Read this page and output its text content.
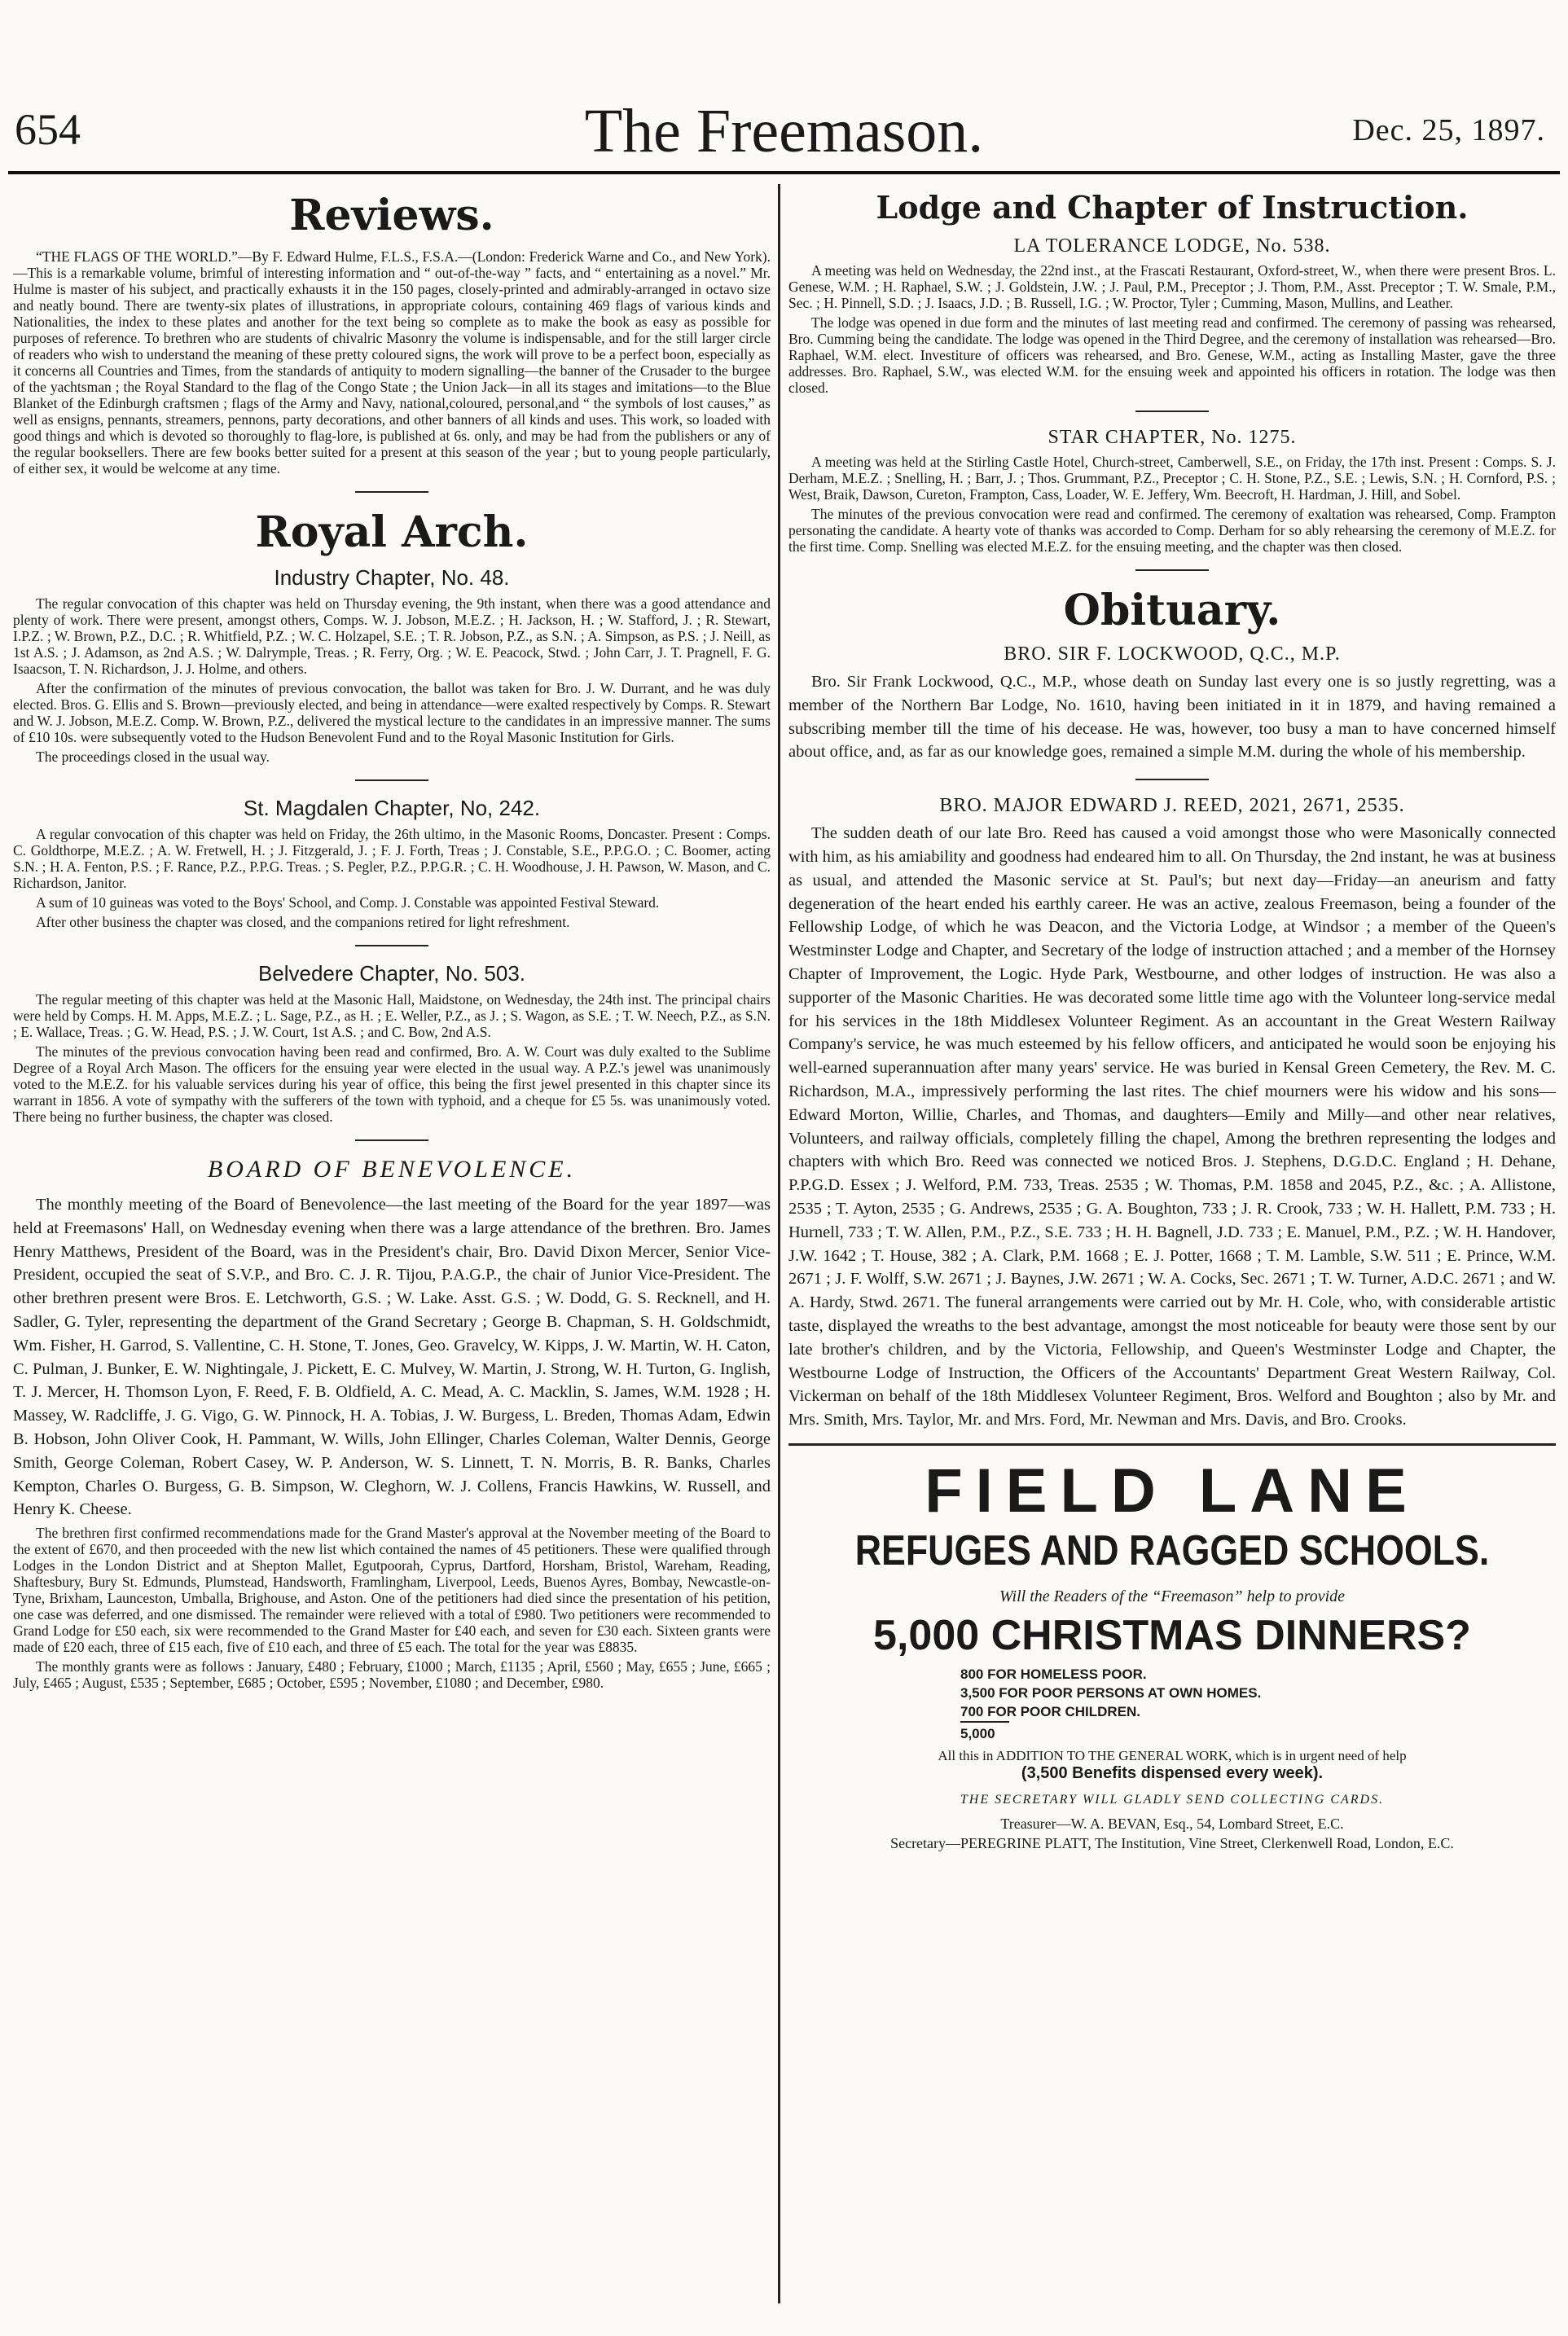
654	The Freemason.	Dec. 25, 1897.
Reviews.

“THE FLAGS OF THE WORLD.”—By F. Edward Hulme, F.L.S., F.S.A.—(London: Frederick Warne and Co., and New York).—This is a remarkable volume, brimful of interesting information and “ out-of-the-way ” facts, and “ entertaining as a novel.” Mr. Hulme is master of his subject, and practically exhausts it in the 150 pages, closely-printed and admirably-arranged in octavo size and neatly bound. There are twenty-six plates of illustrations, in appropriate colours, containing 469 flags of various kinds and Nationalities, the index to these plates and another for the text being so complete as to make the book as easy as possible for purposes of reference. To brethren who are students of chivalric Masonry the volume is indispensable, and for the still larger circle of readers who wish to understand the meaning of these pretty coloured signs, the work will prove to be a perfect boon, especially as it concerns all Countries and Times, from the standards of antiquity to modern signalling—the banner of the Crusader to the burgee of the yachtsman ; the Royal Standard to the flag of the Congo State ; the Union Jack—in all its stages and imitations—to the Blue Blanket of the Edinburgh craftsmen ; flags of the Army and Navy, national,coloured, personal,and “ the symbols of lost causes,” as well as ensigns, pennants, streamers, pennons, party decorations, and other banners of all kinds and uses. This work, so loaded with good things and which is devoted so thoroughly to flag-lore, is published at 6s. only, and may be had from the publishers or any of the regular booksellers. There are few books better suited for a present at this season of the year ; but to young people particularly, of either sex, it would be welcome at any time.

Royal Arch.
Industry Chapter, No. 48.

The regular convocation of this chapter was held on Thursday evening, the 9th instant, when there was a good attendance and plenty of work. There were present, amongst others, Comps. W. J. Jobson, M.E.Z. ; H. Jackson, H. ; W. Stafford, J. ; R. Stewart, I.P.Z. ; W. Brown, P.Z., D.C. ; R. Whitfield, P.Z. ; W. C. Holzapel, S.E. ; T. R. Jobson, P.Z., as S.N. ; A. Simpson, as P.S. ; J. Neill, as 1st A.S. ; J. Adamson, as 2nd A.S. ; W. Dalrymple, Treas. ; R. Ferry, Org. ; W. E. Peacock, Stwd. ; John Carr, J. T. Pragnell, F. G. Isaacson, T. N. Richardson, J. J. Holme, and others.

After the confirmation of the minutes of previous convocation, the ballot was taken for Bro. J. W. Durrant, and he was duly elected. Bros. G. Ellis and S. Brown—previously elected, and being in attendance—were exalted respectively by Comps. R. Stewart and W. J. Jobson, M.E.Z. Comp. W. Brown, P.Z., delivered the mystical lecture to the candidates in an impressive manner. The sums of £10 10s. were subsequently voted to the Hudson Benevolent Fund and to the Royal Masonic Institution for Girls.

The proceedings closed in the usual way.

St. Magdalen Chapter, No, 242.

A regular convocation of this chapter was held on Friday, the 26th ultimo, in the Masonic Rooms, Doncaster. Present : Comps. C. Goldthorpe, M.E.Z. ; A. W. Fretwell, H. ; J. Fitzgerald, J. ; F. J. Forth, Treas ; J. Constable, S.E., P.P.G.O. ; C. Boomer, acting S.N. ; H. A. Fenton, P.S. ; F. Rance, P.Z., P.P.G. Treas. ; S. Pegler, P.Z., P.P.G.R. ; C. H. Woodhouse, J. H. Pawson, W. Mason, and C. Richardson, Janitor.

A sum of 10 guineas was voted to the Boys' School, and Comp. J. Constable was appointed Festival Steward.

After other business the chapter was closed, and the companions retired for light refreshment.

Belvedere Chapter, No. 503.

The regular meeting of this chapter was held at the Masonic Hall, Maidstone, on Wednesday, the 24th inst. The principal chairs were held by Comps. H. M. Apps, M.E.Z. ; L. Sage, P.Z., as H. ; E. Weller, P.Z., as J. ; S. Wagon, as S.E. ; T. W. Neech, P.Z., as S.N. ; E. Wallace, Treas. ; G. W. Head, P.S. ; J. W. Court, 1st A.S. ; and C. Bow, 2nd A.S.

The minutes of the previous convocation having been read and confirmed, Bro. A. W. Court was duly exalted to the Sublime Degree of a Royal Arch Mason. The officers for the ensuing year were elected in the usual way. A P.Z.'s jewel was unanimously voted to the M.E.Z. for his valuable services during his year of office, this being the first jewel presented in this chapter since its warrant in 1856. A vote of sympathy with the sufferers of the town with typhoid, and a cheque for £5 5s. was unanimously voted. There being no further business, the chapter was closed.

BOARD OF BENEVOLENCE.

The monthly meeting of the Board of Benevolence—the last meeting of the Board for the year 1897—was held at Freemasons' Hall, on Wednesday evening when there was a large attendance of the brethren. Bro. James Henry Matthews, President of the Board, was in the President's chair, Bro. David Dixon Mercer, Senior Vice-President, occupied the seat of S.V.P., and Bro. C. J. R. Tijou, P.A.G.P., the chair of Junior Vice-President. The other brethren present were Bros. E. Letchworth, G.S. ; W. Lake. Asst. G.S. ; W. Dodd, G. S. Recknell, and H. Sadler, G. Tyler, representing the department of the Grand Secretary ; George B. Chapman, S. H. Goldschmidt, Wm. Fisher, H. Garrod, S. Vallentine, C. H. Stone, T. Jones, Geo. Gravelcy, W. Kipps, J. W. Martin, W. H. Caton, C. Pulman, J. Bunker, E. W. Nightingale, J. Pickett, E. C. Mulvey, W. Martin, J. Strong, W. H. Turton, G. Inglish, T. J. Mercer, H. Thomson Lyon, F. Reed, F. B. Oldfield, A. C. Mead, A. C. Macklin, S. James, W.M. 1928 ; H. Massey, W. Radcliffe, J. G. Vigo, G. W. Pinnock, H. A. Tobias, J. W. Burgess, L. Breden, Thomas Adam, Edwin B. Hobson, John Oliver Cook, H. Pammant, W. Wills, John Ellinger, Charles Coleman, Walter Dennis, George Smith, George Coleman, Robert Casey, W. P. Anderson, W. S. Linnett, T. N. Morris, B. R. Banks, Charles Kempton, Charles O. Burgess, G. B. Simpson, W. Cleghorn, W. J. Collens, Francis Hawkins, W. Russell, and Henry K. Cheese.

The brethren first confirmed recommendations made for the Grand Master's approval at the November meeting of the Board to the extent of £670, and then proceeded with the new list which contained the names of 45 petitioners. These were qualified through Lodges in the London District and at Shepton Mallet, Egutpoorah, Cyprus, Dartford, Horsham, Bristol, Wareham, Reading, Shaftesbury, Bury St. Edmunds, Plumstead, Handsworth, Framlingham, Liverpool, Leeds, Buenos Ayres, Bombay, Newcastle-on-Tyne, Brixham, Launceston, Umballa, Brighouse, and Aston. One of the petitioners had died since the presentation of his petition, one case was deferred, and one dismissed. The remainder were relieved with a total of £980. Two petitioners were recommended to Grand Lodge for £50 each, six were recommended to the Grand Master for £40 each, and seven for £30 each. Sixteen grants were made of £20 each, three of £15 each, five of £10 each, and three of £5 each. The total for the year was £8835.

The monthly grants were as follows : January, £480 ; February, £1000 ; March, £1135 ; April, £560 ; May, £655 ; June, £665 ; July, £465 ; August, £535 ; September, £685 ; October, £595 ; November, £1080 ; and December, £980.

Lodge and Chapter of Instruction.
LA TOLERANCE LODGE, No. 538.

A meeting was held on Wednesday, the 22nd inst., at the Frascati Restaurant, Oxford-street, W., when there were present Bros. L. Genese, W.M. ; H. Raphael, S.W. ; J. Goldstein, J.W. ; J. Paul, P.M., Preceptor ; J. Thom, P.M., Asst. Preceptor ; T. W. Smale, P.M., Sec. ; H. Pinnell, S.D. ; J. Isaacs, J.D. ; B. Russell, I.G. ; W. Proctor, Tyler ; Cumming, Mason, Mullins, and Leather.

The lodge was opened in due form and the minutes of last meeting read and confirmed. The ceremony of passing was rehearsed, Bro. Cumming being the candidate. The lodge was opened in the Third Degree, and the ceremony of installation was rehearsed—Bro. Raphael, W.M. elect. Investiture of officers was rehearsed, and Bro. Genese, W.M., acting as Installing Master, gave the three addresses. Bro. Raphael, S.W., was elected W.M. for the ensuing week and appointed his officers in rotation. The lodge was then closed.

STAR CHAPTER, No. 1275.

A meeting was held at the Stirling Castle Hotel, Church-street, Camberwell, S.E., on Friday, the 17th inst. Present : Comps. S. J. Derham, M.E.Z. ; Snelling, H. ; Barr, J. ; Thos. Grummant, P.Z., Preceptor ; C. H. Stone, P.Z., S.E. ; Lewis, S.N. ; H. Cornford, P.S. ; West, Braik, Dawson, Cureton, Frampton, Cass, Loader, W. E. Jeffery, Wm. Beecroft, H. Hardman, J. Hill, and Sobel.

The minutes of the previous convocation were read and confirmed. The ceremony of exaltation was rehearsed, Comp. Frampton personating the candidate. A hearty vote of thanks was accorded to Comp. Derham for so ably rehearsing the ceremony of M.E.Z. for the first time. Comp. Snelling was elected M.E.Z. for the ensuing meeting, and the chapter was then closed.

Obituary.
BRO. SIR F. LOCKWOOD, Q.C., M.P.

Bro. Sir Frank Lockwood, Q.C., M.P., whose death on Sunday last every one is so justly regretting, was a member of the Northern Bar Lodge, No. 1610, having been initiated in it in 1879, and having remained a subscribing member till the time of his decease. He was, however, too busy a man to have concerned himself about office, and, as far as our knowledge goes, remained a simple M.M. during the whole of his membership.

BRO. MAJOR EDWARD J. REED, 2021, 2671, 2535.

The sudden death of our late Bro. Reed has caused a void amongst those who were Masonically connected with him, as his amiability and goodness had endeared him to all. On Thursday, the 2nd instant, he was at business as usual, and attended the Masonic service at St. Paul's; but next day—Friday—an aneurism and fatty degeneration of the heart ended his earthly career. He was an active, zealous Freemason, being a founder of the Fellowship Lodge, of which he was Deacon, and the Victoria Lodge, at Windsor ; a member of the Queen's Westminster Lodge and Chapter, and Secretary of the lodge of instruction attached ; and a member of the Hornsey Chapter of Improvement, the Logic. Hyde Park, Westbourne, and other lodges of instruction. He was also a supporter of the Masonic Charities. He was decorated some little time ago with the Volunteer long-service medal for his services in the 18th Middlesex Volunteer Regiment. As an accountant in the Great Western Railway Company's service, he was much esteemed by his fellow officers, and anticipated he would soon be enjoying his well-earned superannuation after many years' service. He was buried in Kensal Green Cemetery, the Rev. M. C. Richardson, M.A., impressively performing the last rites. The chief mourners were his widow and his sons—Edward Morton, Willie, Charles, and Thomas, and daughters—Emily and Milly—and other near relatives, Volunteers, and railway officials, completely filling the chapel, Among the brethren representing the lodges and chapters with which Bro. Reed was connected we noticed Bros. J. Stephens, D.G.D.C. England ; H. Dehane, P.P.G.D. Essex ; J. Welford, P.M. 733, Treas. 2535 ; W. Thomas, P.M. 1858 and 2045, P.Z., &c. ; A. Allistone, 2535 ; T. Ayton, 2535 ; G. Andrews, 2535 ; G. A. Boughton, 733 ; J. R. Crook, 733 ; W. H. Hallett, P.M. 733 ; H. Hurnell, 733 ; T. W. Allen, P.M., P.Z., S.E. 733 ; H. H. Bagnell, J.D. 733 ; E. Manuel, P.M., P.Z. ; W. H. Handover, J.W. 1642 ; T. House, 382 ; A. Clark, P.M. 1668 ; E. J. Potter, 1668 ; T. M. Lamble, S.W. 511 ; E. Prince, W.M. 2671 ; J. F. Wolff, S.W. 2671 ; J. Baynes, J.W. 2671 ; W. A. Cocks, Sec. 2671 ; T. W. Turner, A.D.C. 2671 ; and W. A. Hardy, Stwd. 2671. The funeral arrangements were carried out by Mr. H. Cole, who, with considerable artistic taste, displayed the wreaths to the best advantage, amongst the most noticeable for beauty were those sent by our late brother's children, and by the Victoria, Fellowship, and Queen's Westminster Lodge and Chapter, the Westbourne Lodge of Instruction, the Officers of the Accountants' Department Great Western Railway, Col. Vickerman on behalf of the 18th Middlesex Volunteer Regiment, Bros. Welford and Boughton ; also by Mr. and Mrs. Smith, Mrs. Taylor, Mr. and Mrs. Ford, Mr. Newman and Mrs. Davis, and Bro. Crooks.

FIELD LANE
REFUGES AND RAGGED SCHOOLS.
Will the Readers of the “Freemason” help to provide
5,000 CHRISTMAS DINNERS?
800 FOR HOMELESS POOR.
3,500 FOR POOR PERSONS AT OWN HOMES.
700 FOR POOR CHILDREN.
5,000
All this in ADDITION TO THE GENERAL WORK, which is in urgent need of help
(3,500 Benefits dispensed every week).
THE SECRETARY WILL GLADLY SEND COLLECTING CARDS.
Treasurer—W. A. BEVAN, Esq., 54, Lombard Street, E.C.
Secretary—PEREGRINE PLATT, The Institution, Vine Street, Clerkenwell Road, London, E.C.
